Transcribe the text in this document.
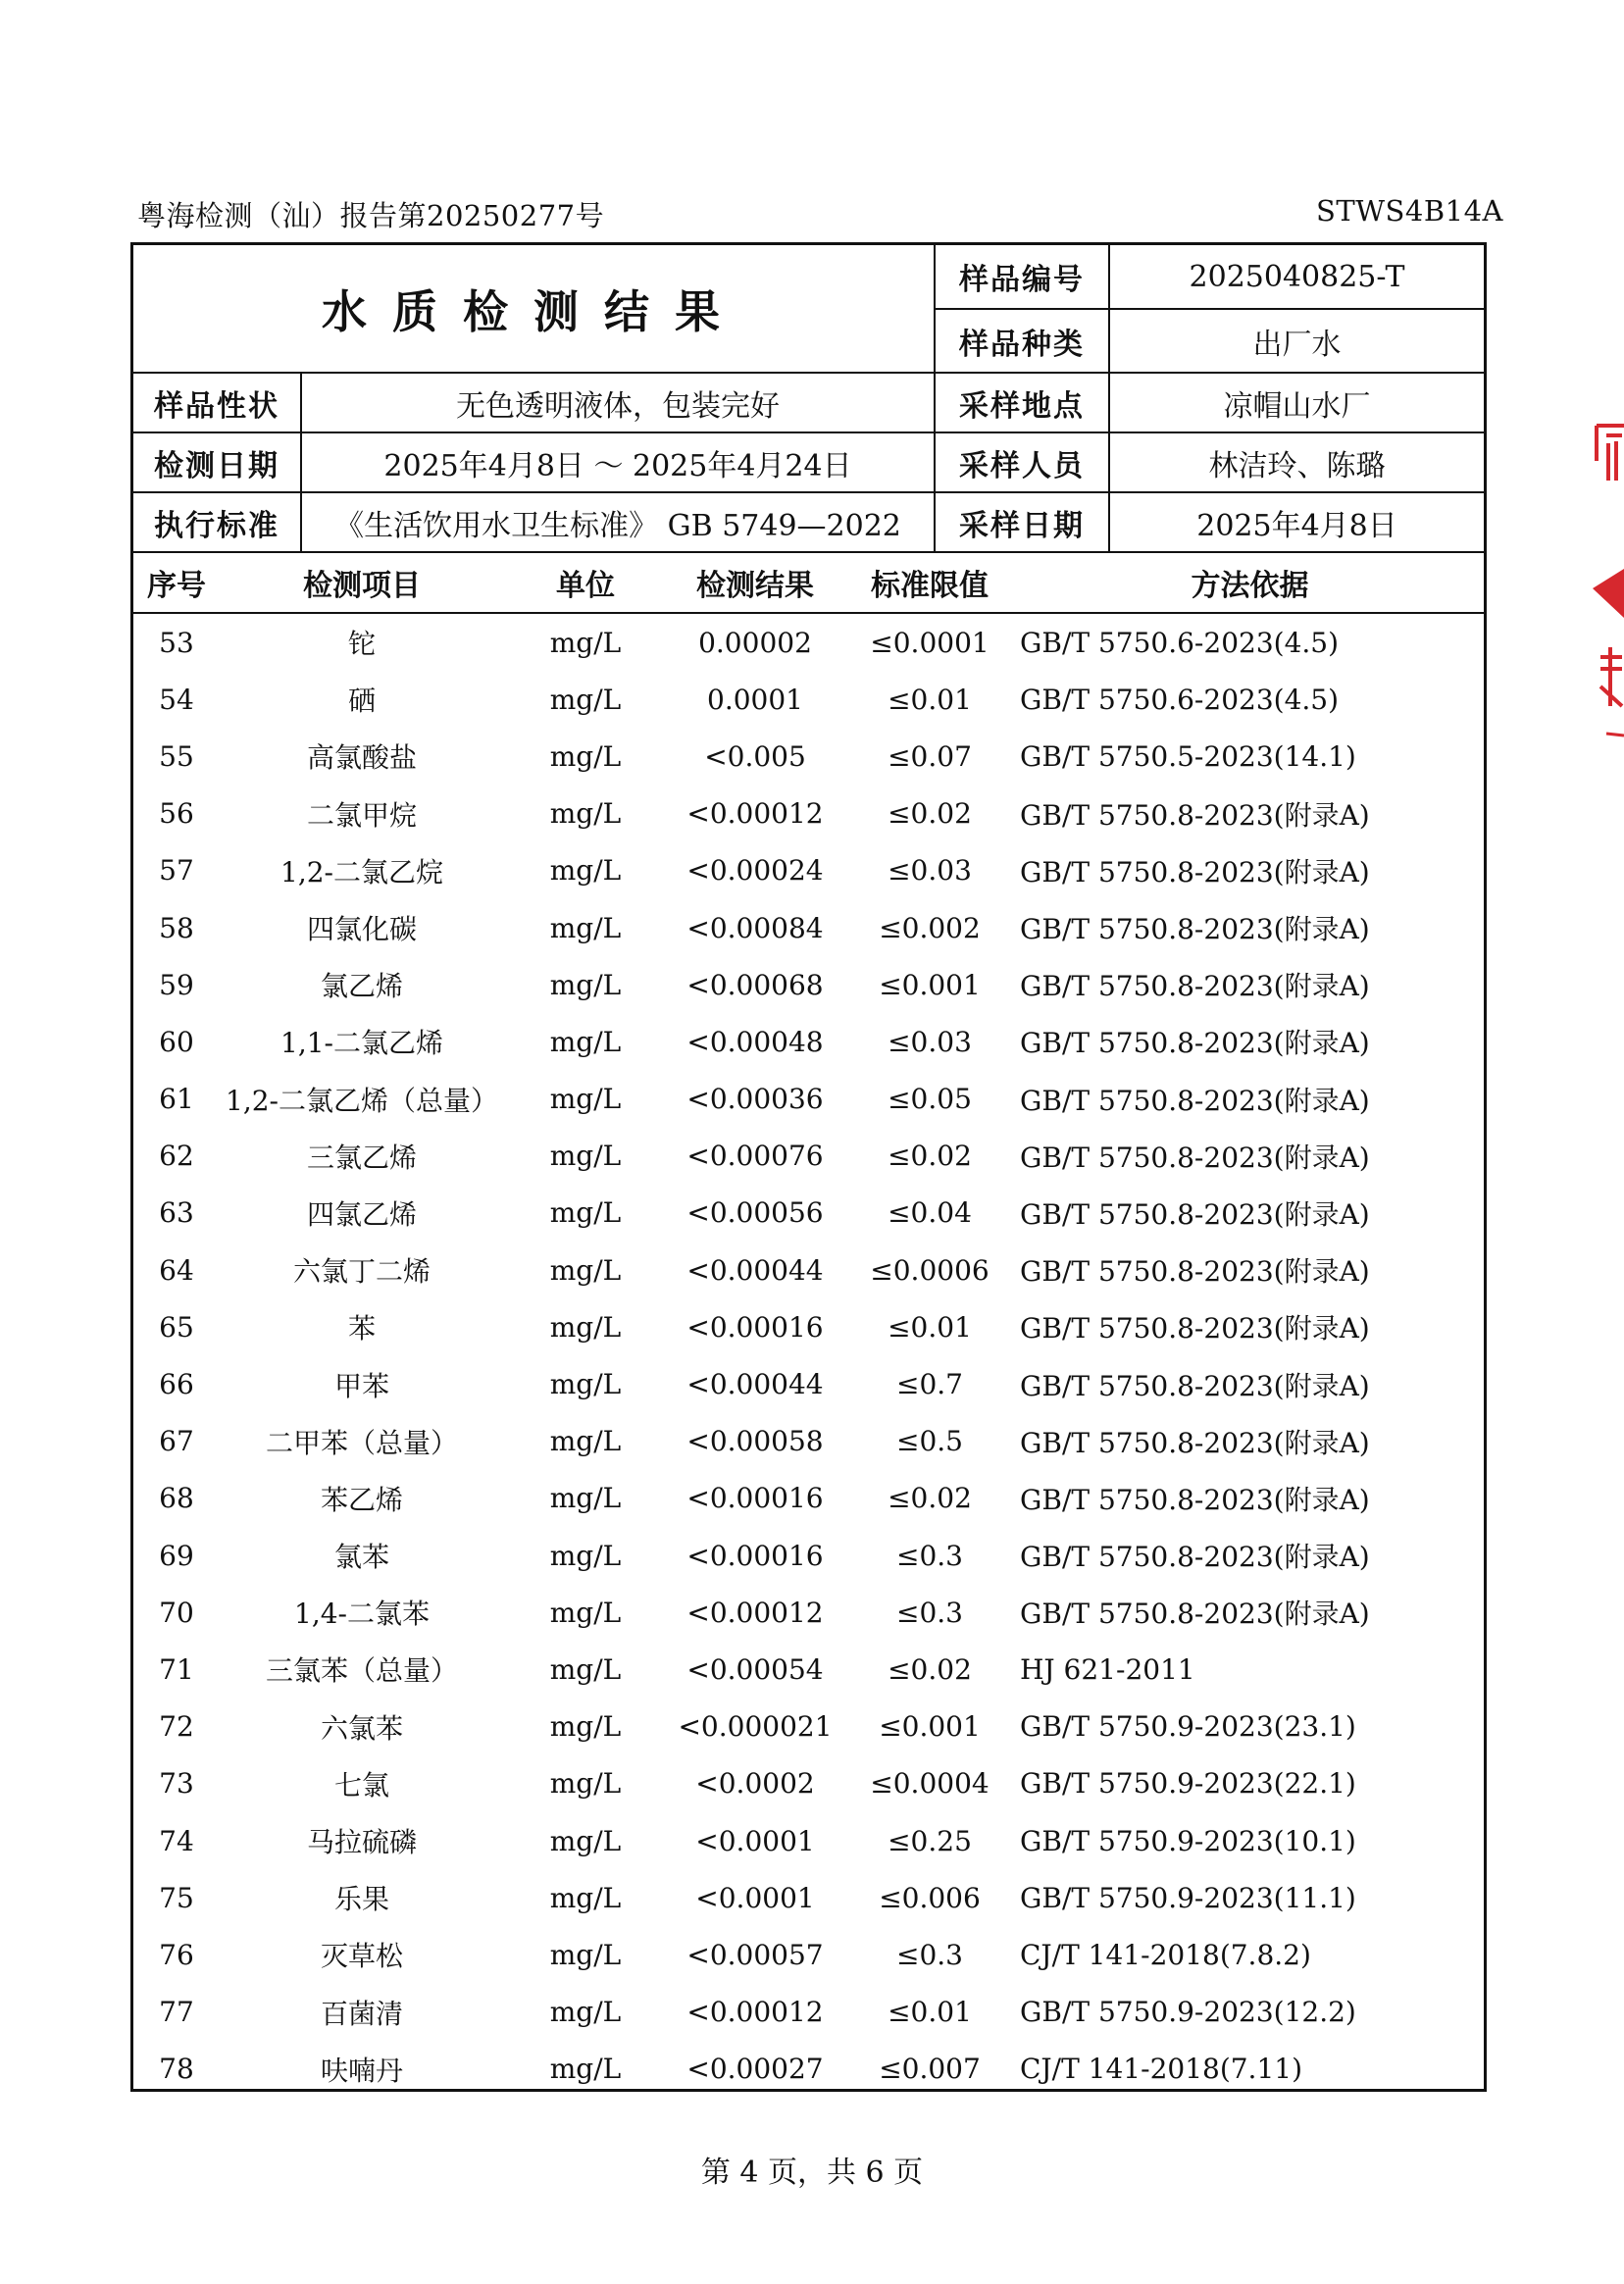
粤海检测（汕）报告第20250277号	STWS4B14A
水质检测结果		样品编号	2025040825-T
		样品种类	出厂水
样品性状	无色透明液体，包装完好	采样地点	凉帽山水厂
检测日期	2025年4月8日 ～ 2025年4月24日	采样人员	林洁玲、陈璐
执行标准	《生活饮用水卫生标准》 GB 5749—2022	采样日期	2025年4月8日
序号	检测项目	单位	检测结果	标准限值	方法依据
53	铊	mg/L	0.00002	≤0.0001	GB/T 5750.6-2023(4.5)
54	硒	mg/L	0.0001	≤0.01	GB/T 5750.6-2023(4.5)
55	高氯酸盐	mg/L	<0.005	≤0.07	GB/T 5750.5-2023(14.1)
56	二氯甲烷	mg/L	<0.00012	≤0.02	GB/T 5750.8-2023(附录A)
57	1,2-二氯乙烷	mg/L	<0.00024	≤0.03	GB/T 5750.8-2023(附录A)
58	四氯化碳	mg/L	<0.00084	≤0.002	GB/T 5750.8-2023(附录A)
59	氯乙烯	mg/L	<0.00068	≤0.001	GB/T 5750.8-2023(附录A)
60	1,1-二氯乙烯	mg/L	<0.00048	≤0.03	GB/T 5750.8-2023(附录A)
61	1,2-二氯乙烯（总量）	mg/L	<0.00036	≤0.05	GB/T 5750.8-2023(附录A)
62	三氯乙烯	mg/L	<0.00076	≤0.02	GB/T 5750.8-2023(附录A)
63	四氯乙烯	mg/L	<0.00056	≤0.04	GB/T 5750.8-2023(附录A)
64	六氯丁二烯	mg/L	<0.00044	≤0.0006	GB/T 5750.8-2023(附录A)
65	苯	mg/L	<0.00016	≤0.01	GB/T 5750.8-2023(附录A)
66	甲苯	mg/L	<0.00044	≤0.7	GB/T 5750.8-2023(附录A)
67	二甲苯（总量）	mg/L	<0.00058	≤0.5	GB/T 5750.8-2023(附录A)
68	苯乙烯	mg/L	<0.00016	≤0.02	GB/T 5750.8-2023(附录A)
69	氯苯	mg/L	<0.00016	≤0.3	GB/T 5750.8-2023(附录A)
70	1,4-二氯苯	mg/L	<0.00012	≤0.3	GB/T 5750.8-2023(附录A)
71	三氯苯（总量）	mg/L	<0.00054	≤0.02	HJ 621-2011
72	六氯苯	mg/L	<0.000021	≤0.001	GB/T 5750.9-2023(23.1)
73	七氯	mg/L	<0.0002	≤0.0004	GB/T 5750.9-2023(22.1)
74	马拉硫磷	mg/L	<0.0001	≤0.25	GB/T 5750.9-2023(10.1)
75	乐果	mg/L	<0.0001	≤0.006	GB/T 5750.9-2023(11.1)
76	灭草松	mg/L	<0.00057	≤0.3	CJ/T 141-2018(7.8.2)
77	百菌清	mg/L	<0.00012	≤0.01	GB/T 5750.9-2023(12.2)
78	呋喃丹	mg/L	<0.00027	≤0.007	CJ/T 141-2018(7.11)
第 4 页，共 6 页
